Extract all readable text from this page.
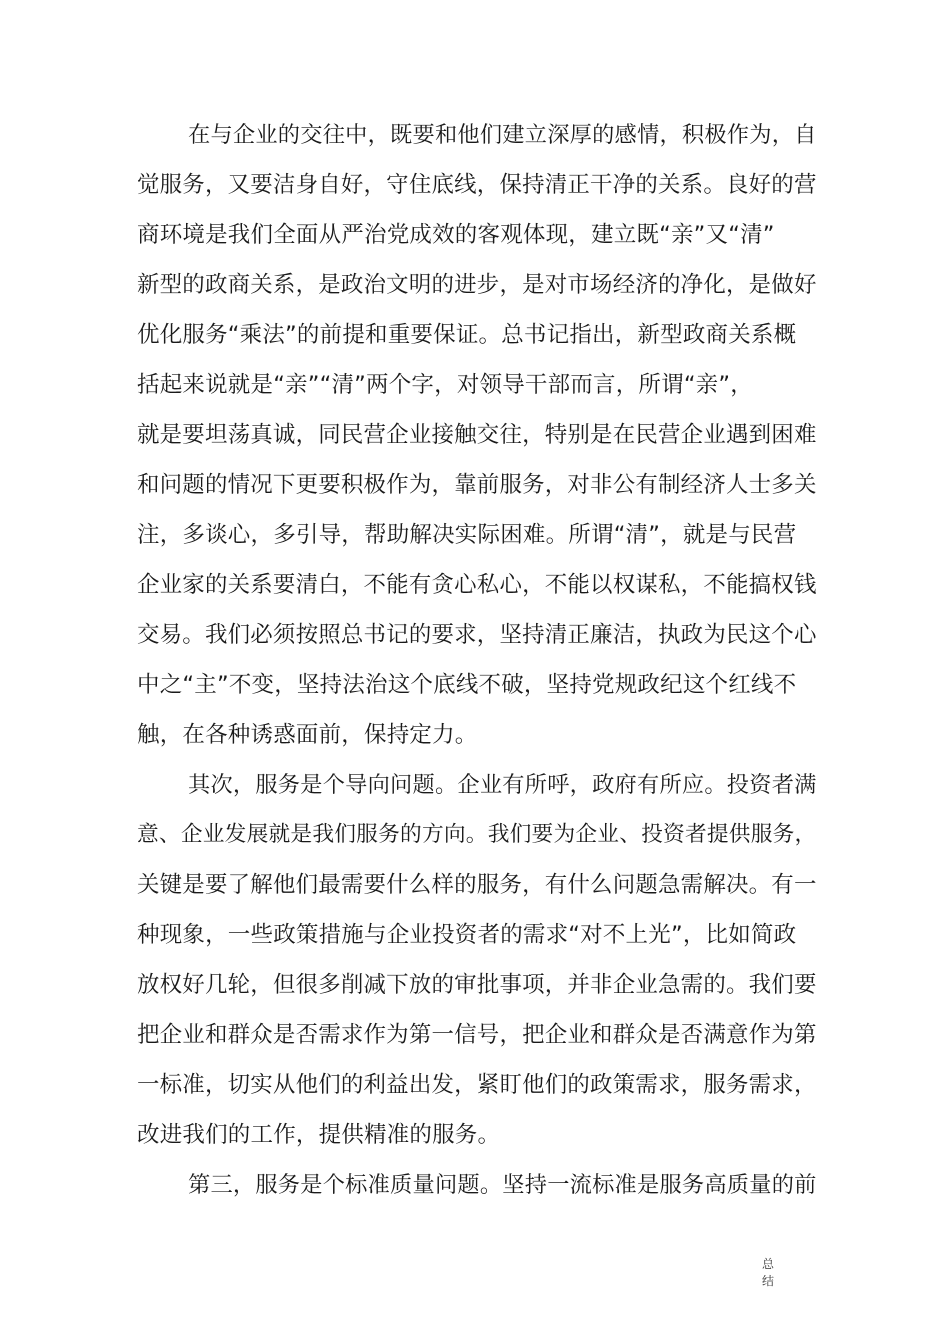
在与企业的交往中，既要和他们建立深厚的感情，积极作为，自
觉服务，又要洁身自好，守住底线，保持清正干净的关系。良好的营
商环境是我们全面从严治党成效的客观体现，建立既“亲”又“清”
新型的政商关系，是政治文明的进步，是对市场经济的净化，是做好
优化服务“乘法”的前提和重要保证。总书记指出，新型政商关系概
括起来说就是“亲”“清”两个字，对领导干部而言，所谓“亲”，
就是要坦荡真诚，同民营企业接触交往，特别是在民营企业遇到困难
和问题的情况下更要积极作为，靠前服务，对非公有制经济人士多关
注，多谈心，多引导，帮助解决实际困难。所谓“清”，就是与民营
企业家的关系要清白，不能有贪心私心，不能以权谋私，不能搞权钱
交易。我们必须按照总书记的要求，坚持清正廉洁，执政为民这个心
中之“主”不变，坚持法治这个底线不破，坚持党规政纪这个红线不
触，在各种诱惑面前，保持定力。
其次，服务是个导向问题。企业有所呼，政府有所应。投资者满
意、企业发展就是我们服务的方向。我们要为企业、投资者提供服务，
关键是要了解他们最需要什么样的服务，有什么问题急需解决。有一
种现象，一些政策措施与企业投资者的需求“对不上光”，比如简政
放权好几轮，但很多削减下放的审批事项，并非企业急需的。我们要
把企业和群众是否需求作为第一信号，把企业和群众是否满意作为第
一标准，切实从他们的利益出发，紧盯他们的政策需求，服务需求，
改进我们的工作，提供精准的服务。
第三，服务是个标准质量问题。坚持一流标准是服务高质量的前
总
结
